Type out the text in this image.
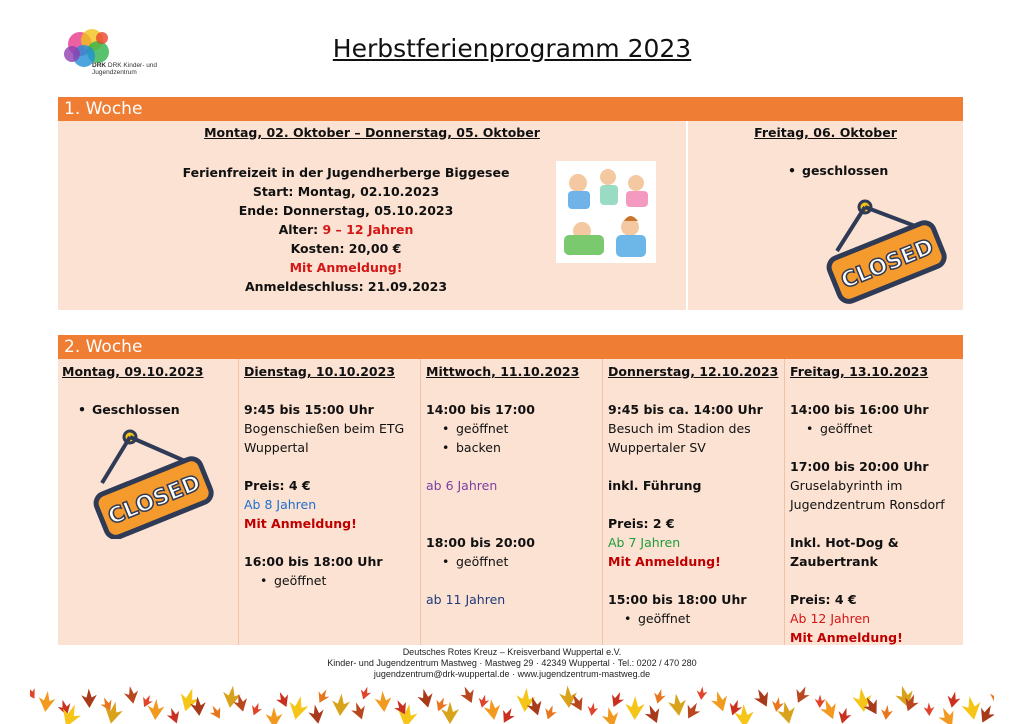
DRK DRK Kinder- und
Jugendzentrum
Herbstferienprogramm 2023
1. Woche
Montag, 02. Oktober – Donnerstag, 05. Oktober
Ferienfreizeit in der Jugendherberge Biggesee
Start: Montag, 02.10.2023
Ende: Donnerstag, 05.10.2023
Alter: 9 – 12 Jahren
Kosten: 20,00 €
Mit Anmeldung!
Anmeldeschluss: 21.09.2023
Freitag, 06. Oktober
• geschlossen
CLOSED
2. Woche
Montag, 09.10.2023
• Geschlossen
CLOSED
Dienstag, 10.10.2023
9:45 bis 15:00 Uhr
Bogenschießen beim ETG
Wuppertal
Preis: 4 €
Ab 8 Jahren
Mit Anmeldung!
16:00 bis 18:00 Uhr
• geöffnet
Mittwoch, 11.10.2023
14:00 bis 17:00
• geöffnet
• backen
ab 6 Jahren
18:00 bis 20:00
• geöffnet
ab 11 Jahren
Donnerstag, 12.10.2023
9:45 bis ca. 14:00 Uhr
Besuch im Stadion des
Wuppertaler SV
inkl. Führung
Preis: 2 €
Ab 7 Jahren
Mit Anmeldung!
15:00 bis 18:00 Uhr
• geöffnet
Freitag, 13.10.2023
14:00 bis 16:00 Uhr
• geöffnet
17:00 bis 20:00 Uhr
Gruselabyrinth im
Jugendzentrum Ronsdorf
Inkl. Hot-Dog &
Zaubertrank
Preis: 4 €
Ab 12 Jahren
Mit Anmeldung!
Deutsches Rotes Kreuz – Kreisverband Wuppertal e.V.
Kinder- und Jugendzentrum Mastweg · Mastweg 29 · 42349 Wuppertal · Tel.: 0202 / 470 280
jugendzentrum@drk-wuppertal.de · www.jugendzentrum-mastweg.de
